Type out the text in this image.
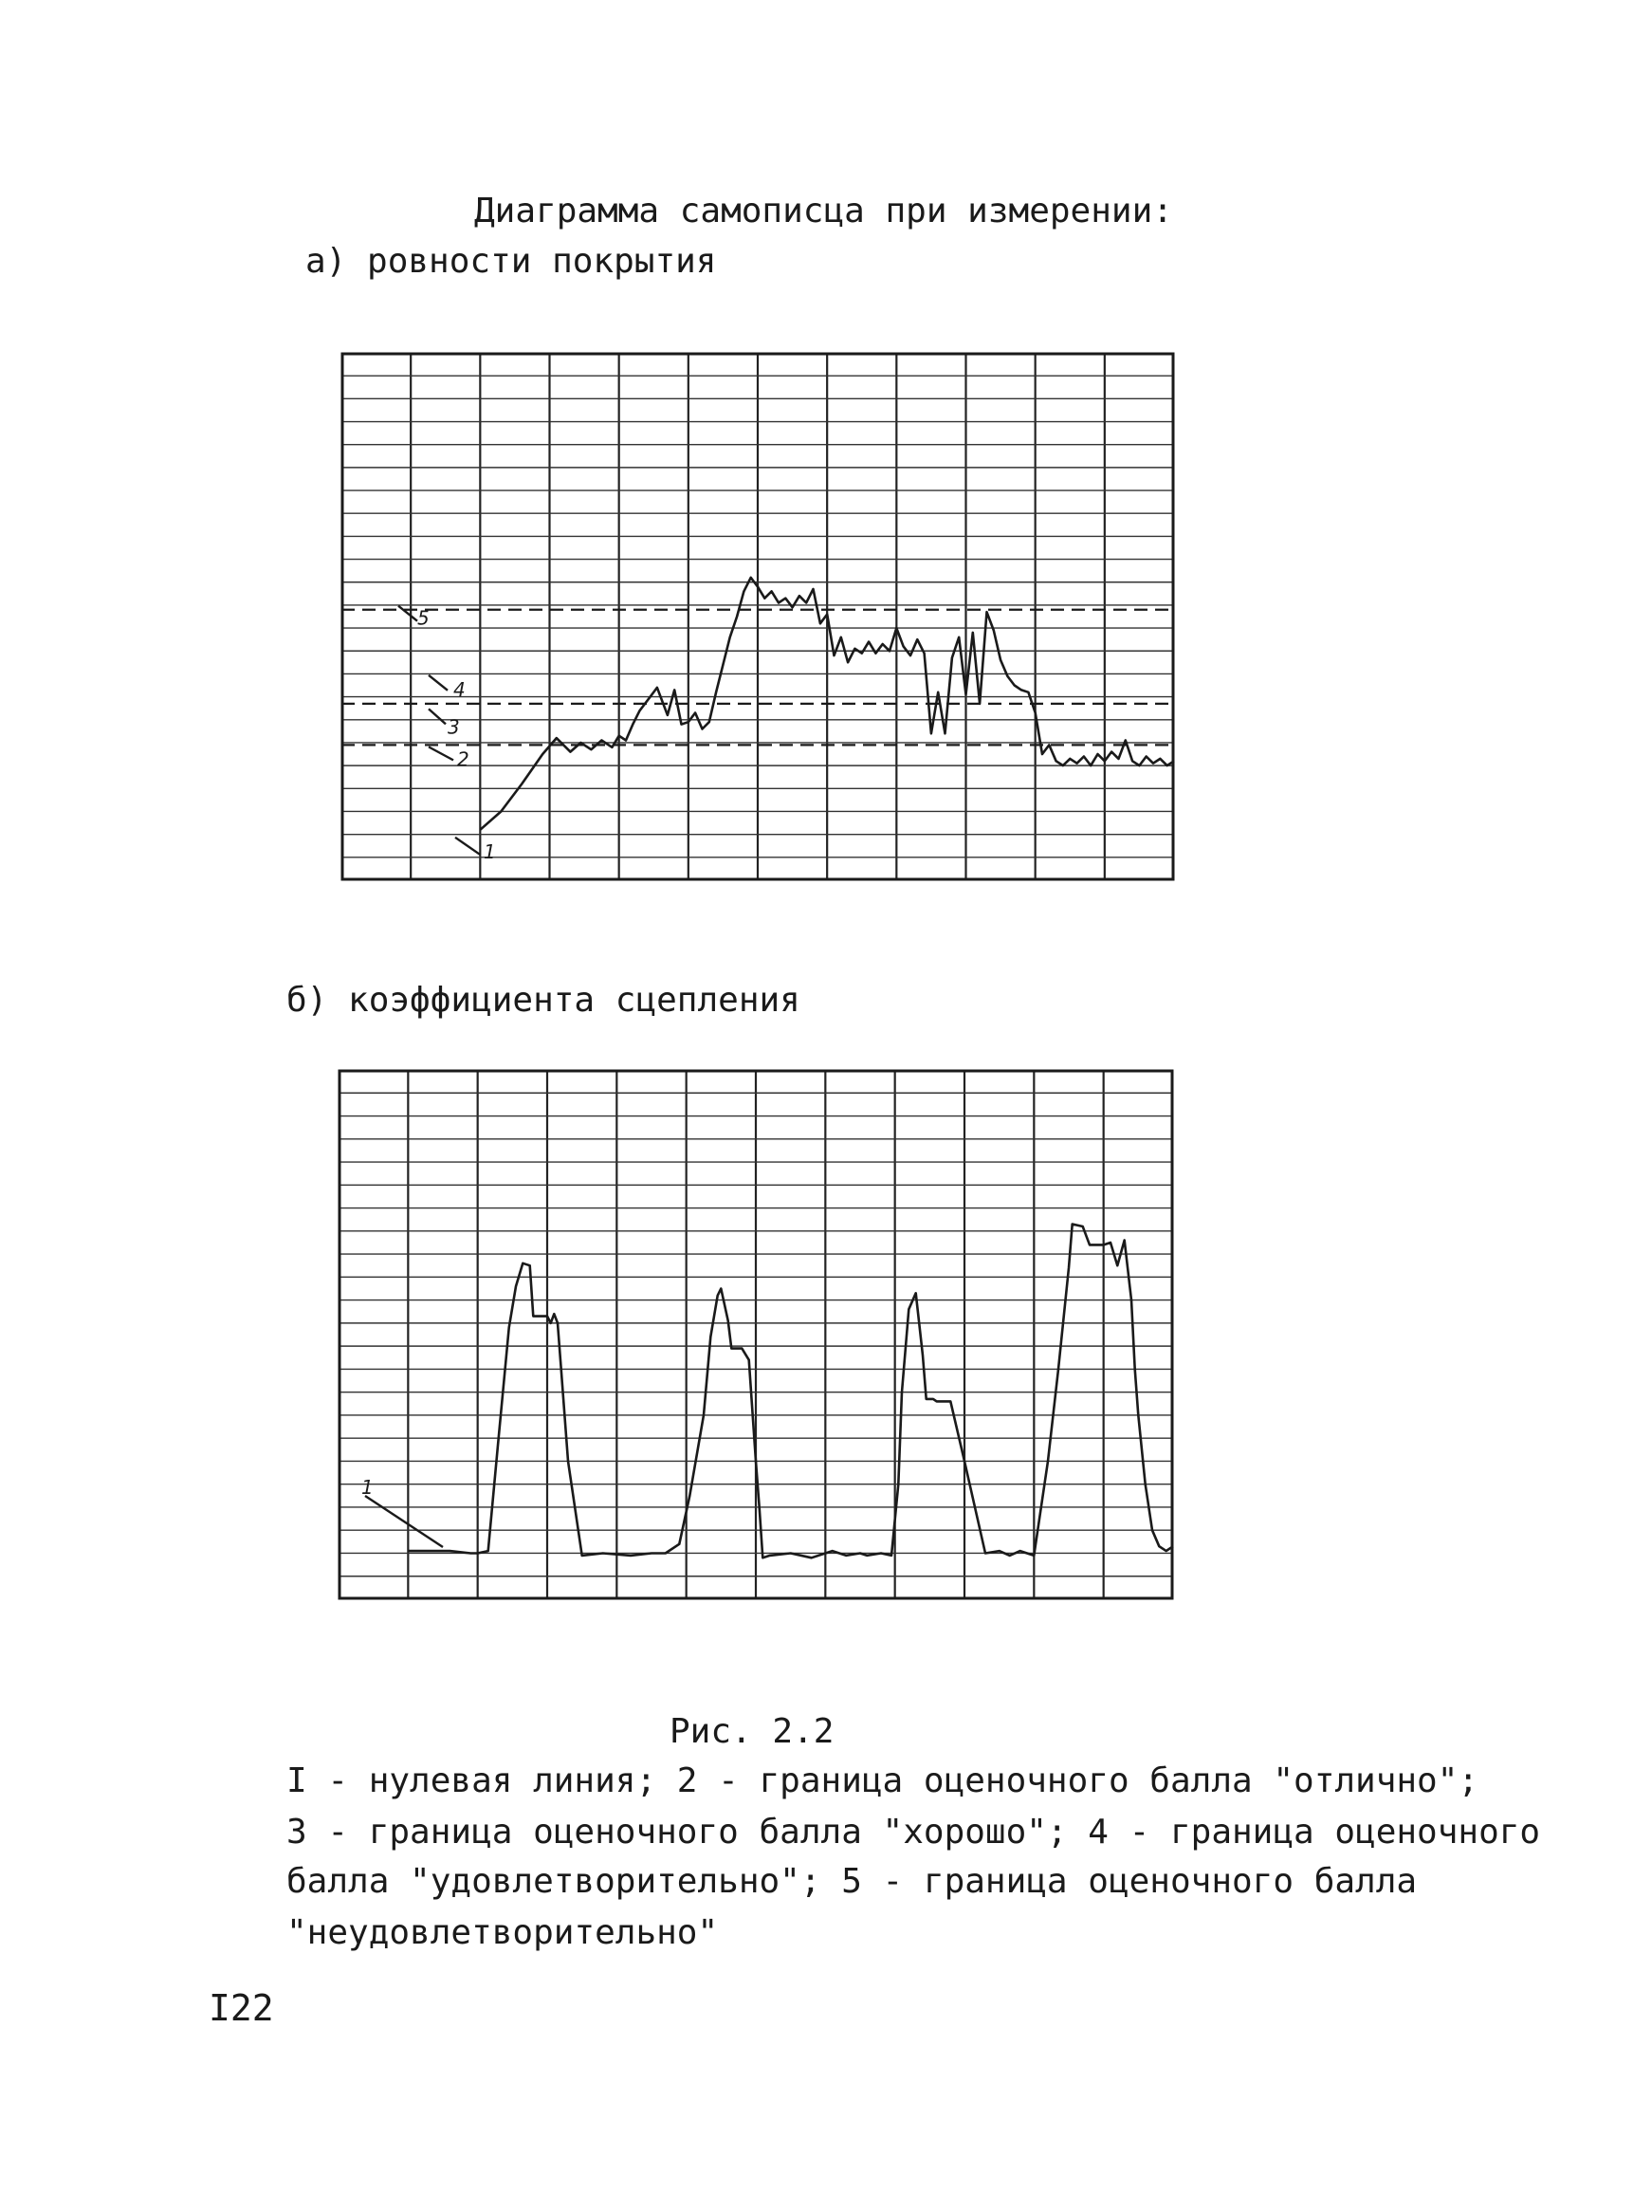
Диаграмма самописца при измерении:
а) ровности покрытия
5
4
3
2
1
б) коэффициента сцепления
1
Рис. 2.2
I - нулевая линия; 2 - граница оценочного балла "отлично";
3 - граница оценочного балла "хорошо"; 4 - граница оценочного
балла "удовлетворительно"; 5 - граница оценочного балла
"неудовлетворительно"
I22
